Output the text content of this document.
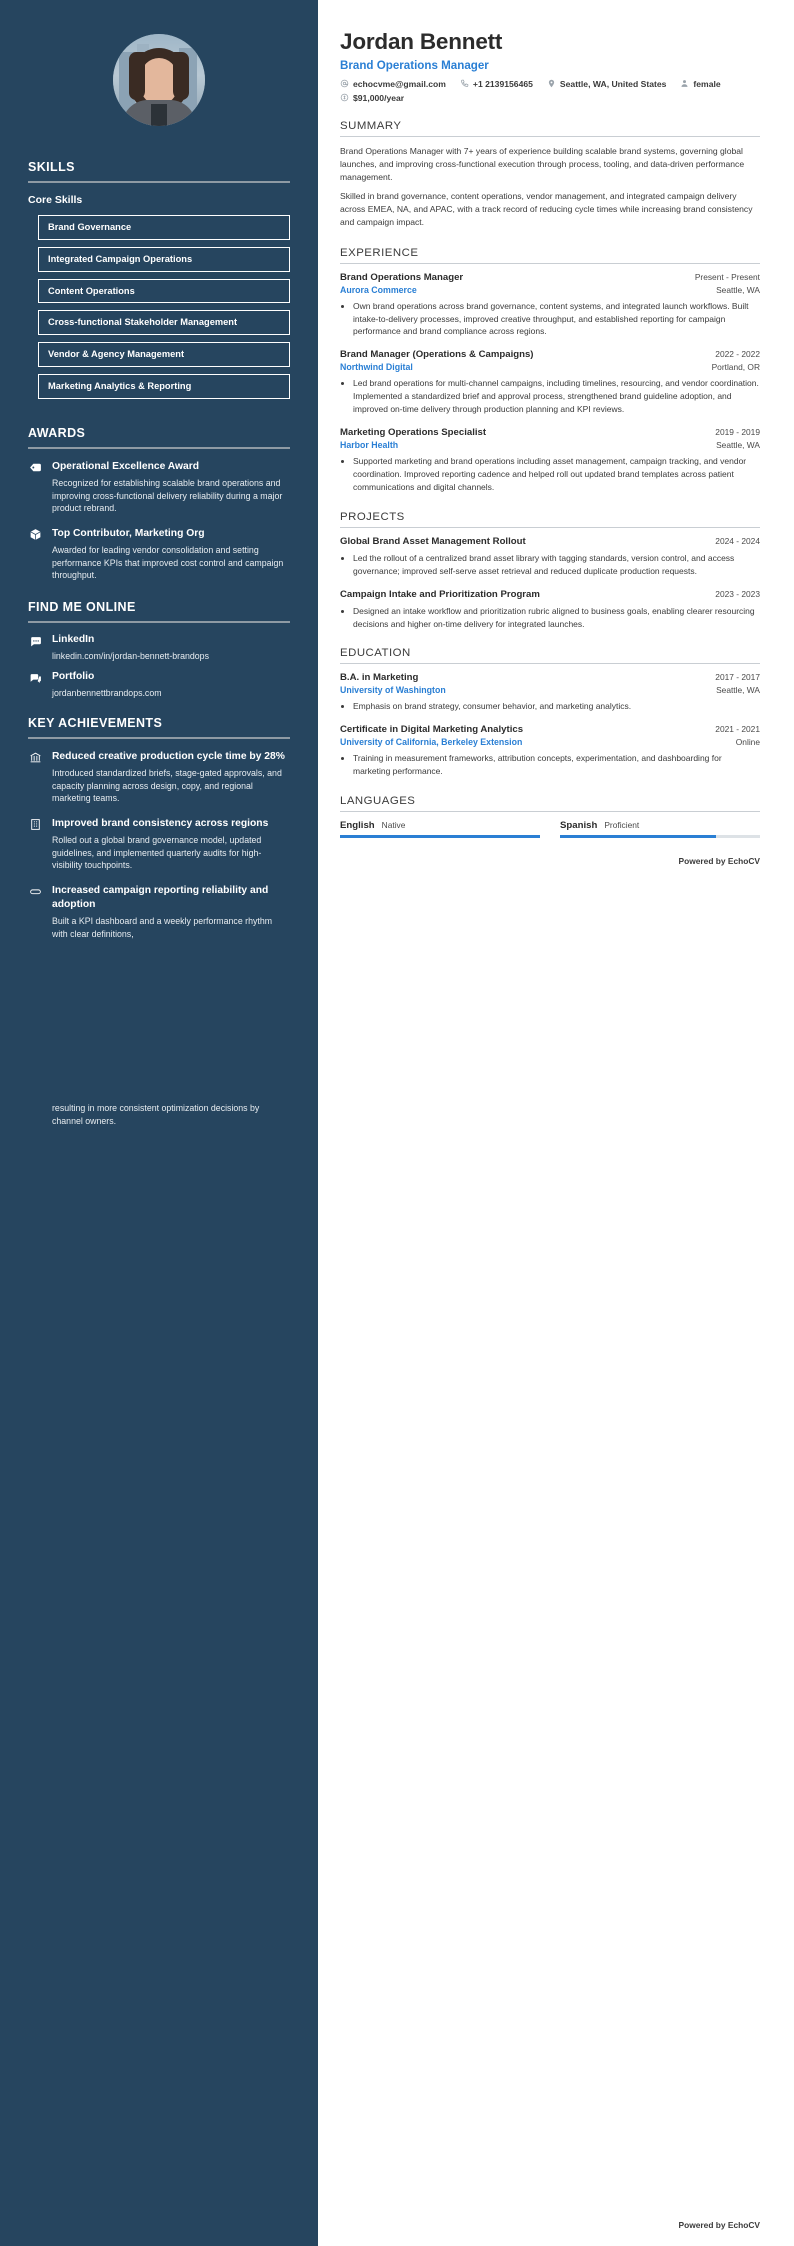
SKILLS
Core Skills
Brand Governance Integrated Campaign Operations Content Operations Cross-functional Stakeholder Management Vendor & Agency Management Marketing Analytics & Reporting
AWARDS
Operational Excellence Award
Recognized for establishing scalable brand operations and improving cross-functional delivery reliability during a major product rebrand.
Top Contributor, Marketing Org
Awarded for leading vendor consolidation and setting performance KPIs that improved cost control and campaign throughput.
FIND ME ONLINE
LinkedIn
linkedin.com/in/jordan-bennett-brandops
Portfolio
jordanbennettbrandops.com
KEY ACHIEVEMENTS
Reduced creative production cycle time by 28%
Introduced standardized briefs, stage-gated approvals, and capacity planning across design, copy, and regional marketing teams.
Improved brand consistency across regions
Rolled out a global brand governance model, updated guidelines, and implemented quarterly audits for high-visibility touchpoints.
Increased campaign reporting reliability and adoption
Built a KPI dashboard and a weekly performance rhythm with clear definitions,
resulting in more consistent optimization decisions by channel owners.
Jordan Bennett
Brand Operations Manager
echocvme@gmail.com	+1 2139156465	Seattle, WA, United States	female
$91,000/year
SUMMARY

Brand Operations Manager with 7+ years of experience building scalable brand systems, governing global launches, and improving cross-functional execution through process, tooling, and data-driven performance management.

Skilled in brand governance, content operations, vendor management, and integrated campaign delivery across EMEA, NA, and APAC, with a track record of reducing cycle times while increasing brand consistency and campaign impact.

EXPERIENCE
Brand Operations Manager	Present - Present
Aurora Commerce	Seattle, WA
• Own brand operations across brand governance, content systems, and integrated launch workflows. Built intake-to-delivery processes, improved creative throughput, and established reporting for campaign performance and brand compliance across regions.
Brand Manager (Operations & Campaigns)	2022 - 2022
Northwind Digital	Portland, OR
• Led brand operations for multi-channel campaigns, including timelines, resourcing, and vendor coordination. Implemented a standardized brief and approval process, strengthened brand guideline adoption, and improved on-time delivery through production planning and KPI reviews.
Marketing Operations Specialist	2019 - 2019
Harbor Health	Seattle, WA
• Supported marketing and brand operations including asset management, campaign tracking, and vendor coordination. Improved reporting cadence and helped roll out updated brand templates across patient communications and digital channels.
PROJECTS
Global Brand Asset Management Rollout	2024 - 2024
• Led the rollout of a centralized brand asset library with tagging standards, version control, and access governance; improved self-serve asset retrieval and reduced duplicate production requests.
Campaign Intake and Prioritization Program	2023 - 2023
• Designed an intake workflow and prioritization rubric aligned to business goals, enabling clearer resourcing decisions and higher on-time delivery for integrated launches.
EDUCATION
B.A. in Marketing	2017 - 2017
University of Washington	Seattle, WA
• Emphasis on brand strategy, consumer behavior, and marketing analytics.
Certificate in Digital Marketing Analytics	2021 - 2021
University of California, Berkeley Extension	Online
• Training in measurement frameworks, attribution concepts, experimentation, and dashboarding for marketing performance.
LANGUAGES
English Native	Spanish Proficient
Powered by EchoCV
Powered by EchoCV
